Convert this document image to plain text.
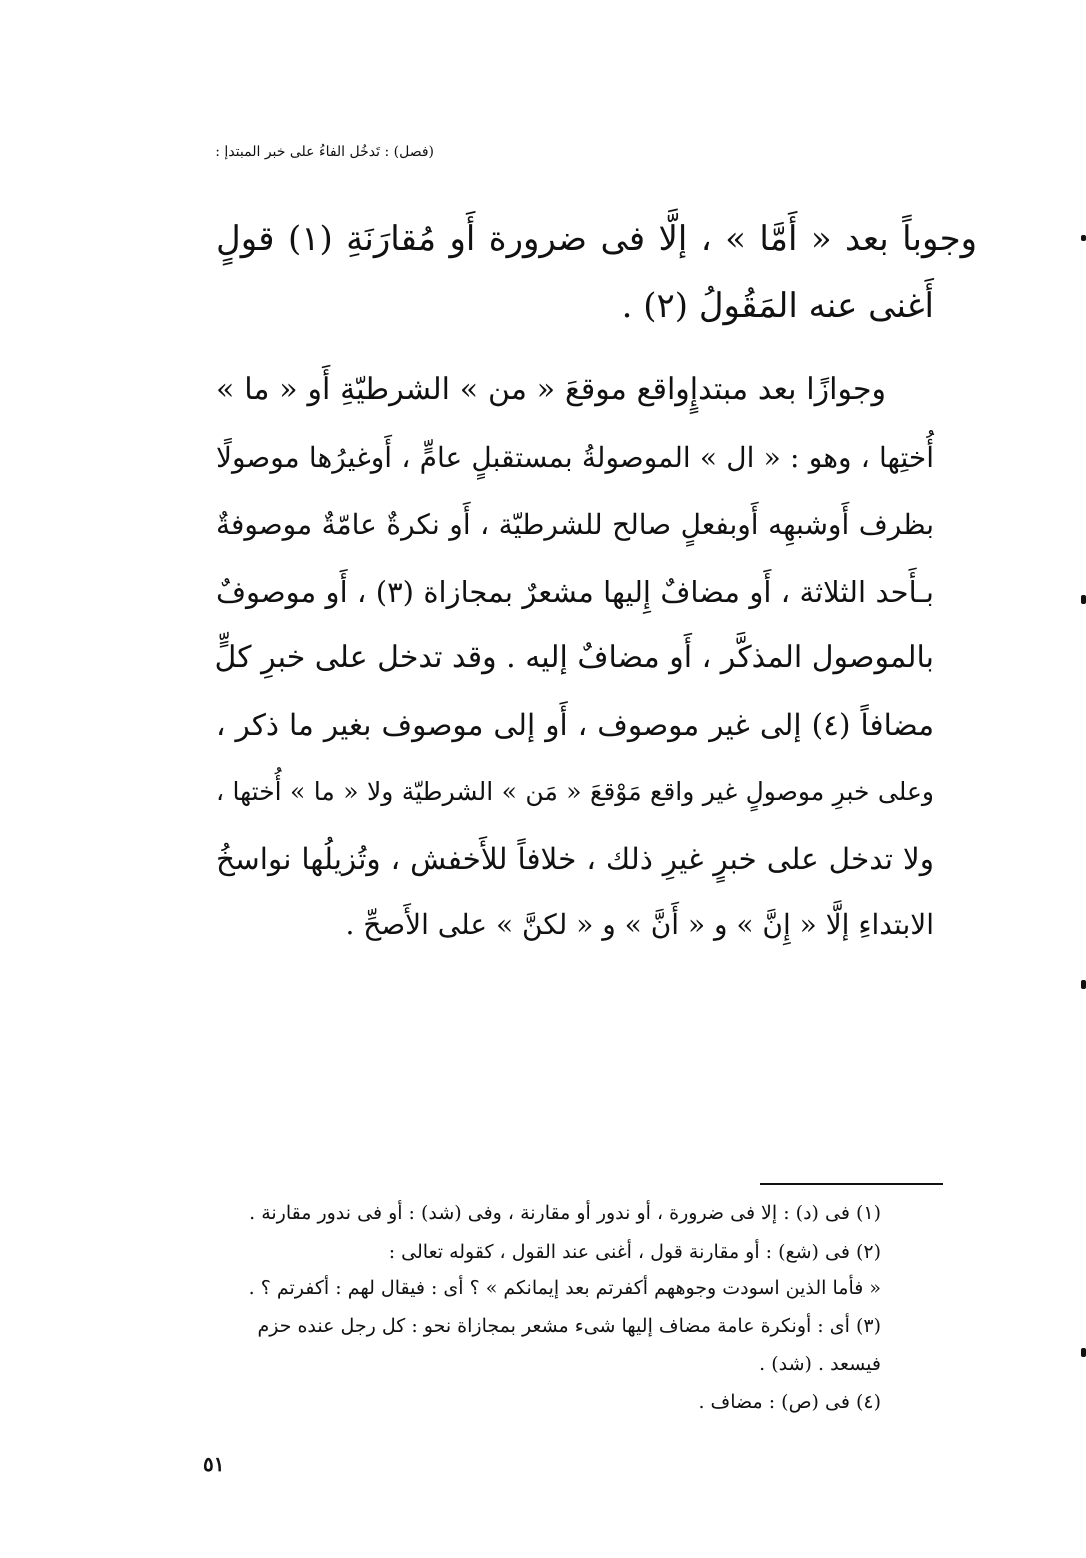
(فصل) : تَدخُل الفاءُ على خبر المبتدإ :
وجوباً بعد « أَمَّا » ، إلَّا فى ضرورة أَو مُقارَنَةِ (١) قولٍ
أَغنى عنه المَقُولُ (٢) .
وجوازًا بعد مبتدإٍواقع موقعَ « من » الشرطيّةِ أَو « ما »
أُختِها ، وهو : « ال » الموصولةُ بمستقبلٍ عامٍّ ، أَوغيرُها موصولًا
بظرف أَوشبهِه أَوبفعلٍ صالح للشرطيّة ، أَو نكرةٌ عامّةٌ موصوفةٌ
بـأَحد الثلاثة ، أَو مضافٌ إِليها مشعرٌ بمجازاة (٣) ، أَو موصوفٌ
بالموصول المذكَّر ، أَو مضافٌ إليه . وقد تدخل على خبرِ كلٍّ
مضافاً (٤) إلى غير موصوف ، أَو إلى موصوف بغير ما ذكر ،
وعلى خبرِ موصولٍ غير واقع مَوْقعَ « مَن » الشرطيّة ولا « ما » أُختها ،
ولا تدخل على خبرٍ غيرِ ذلك ، خلافاً للأَخفش ، وتُزيلُها نواسخُ
الابتداءِ إلَّا « إِنَّ » و « أَنَّ » و « لكنَّ » على الأَصحِّ .
(١) فى (د) : إلا فى ضرورة ، أو ندور أو مقارنة ، وفى (شد) : أو فى ندور مقارنة .
(٢) فى (شع) : أو مقارنة قول ، أغنى عند القول ، كقوله تعالى :
« فأما الذين اسودت وجوههم أكفرتم بعد إيمانكم » ؟ أى : فيقال لهم : أكفرتم ؟ .
(٣) أى : أونكرة عامة مضاف إليها شىء مشعر بمجازاة نحو : كل رجل عنده حزم
فيسعد . (شد) .
(٤) فى (ص) : مضاف .
٥١
